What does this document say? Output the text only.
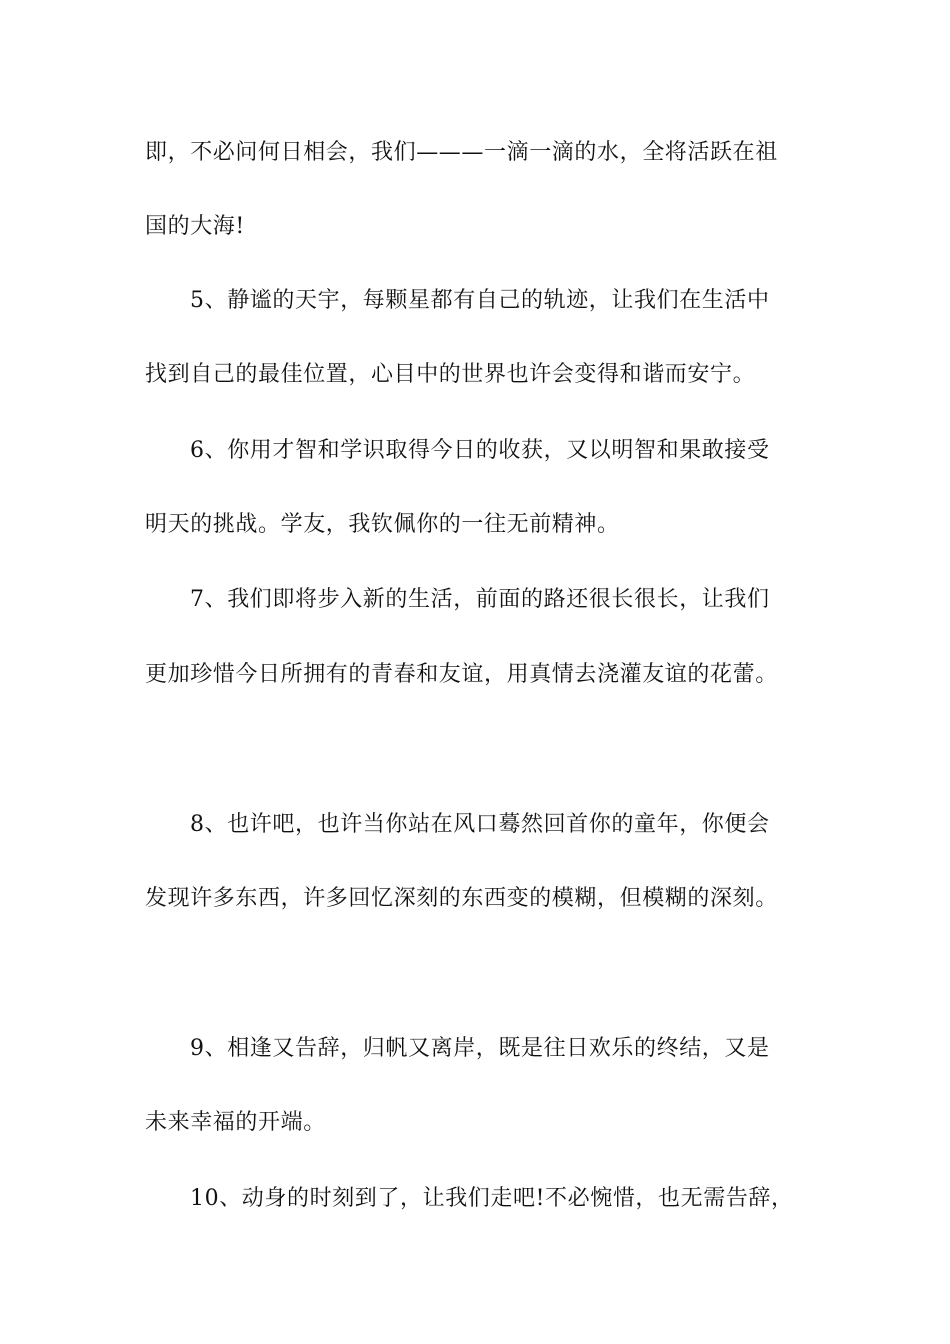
即，不必问何日相会，我们———一滴一滴的水，全将活跃在祖
国的大海!
5、静谧的天宇，每颗星都有自己的轨迹，让我们在生活中
找到自己的最佳位置，心目中的世界也许会变得和谐而安宁。
6、你用才智和学识取得今日的收获，又以明智和果敢接受
明天的挑战。学友，我钦佩你的一往无前精神。
7、我们即将步入新的生活，前面的路还很长很长，让我们
更加珍惜今日所拥有的青春和友谊，用真情去浇灌友谊的花蕾。
8、也许吧，也许当你站在风口蓦然回首你的童年，你便会
发现许多东西，许多回忆深刻的东西变的模糊，但模糊的深刻。
9、相逢又告辞，归帆又离岸，既是往日欢乐的终结，又是
未来幸福的开端。
10、动身的时刻到了，让我们走吧!不必惋惜，也无需告辞，
